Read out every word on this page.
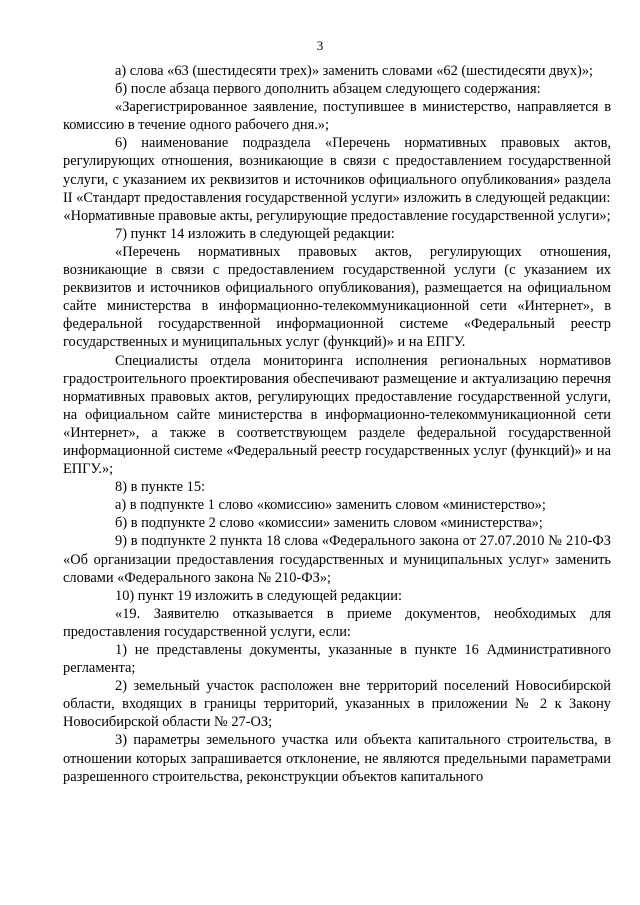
3

а) слова «63 (шестидесяти трех)» заменить словами «62 (шестидесяти двух)»;

б) после абзаца первого дополнить абзацем следующего содержания:

«Зарегистрированное заявление, поступившее в министерство, направляется в комиссию в течение одного рабочего дня.»;

6) наименование подраздела «Перечень нормативных правовых актов, регулирующих отношения, возникающие в связи с предоставлением государственной услуги, с указанием их реквизитов и источников официального опубликования» раздела II «Стандарт предоставления государственной услуги» изложить в следующей редакции:

«Нормативные правовые акты, регулирующие предоставление государственной услуги»;

7) пункт 14 изложить в следующей редакции:

«Перечень нормативных правовых актов, регулирующих отношения, возникающие в связи с предоставлением государственной услуги (с указанием их реквизитов и источников официального опубликования), размещается на официальном сайте министерства в информационно-телекоммуникационной сети «Интернет», в федеральной государственной информационной системе «Федеральный реестр государственных и муниципальных услуг (функций)» и на ЕПГУ.

Специалисты отдела мониторинга исполнения региональных нормативов градостроительного проектирования обеспечивают размещение и актуализацию перечня нормативных правовых актов, регулирующих предоставление государственной услуги, на официальном сайте министерства в информационно-телекоммуникационной сети «Интернет», а также в соответствующем разделе федеральной государственной информационной системе «Федеральный реестр государственных услуг (функций)» и на ЕПГУ.»;

8) в пункте 15:

а) в подпункте 1 слово «комиссию» заменить словом «министерство»;

б) в подпункте 2 слово «комиссии» заменить словом «министерства»;

9) в подпункте 2 пункта 18 слова «Федерального закона от 27.07.2010 № 210-ФЗ «Об организации предоставления государственных и муниципальных услуг» заменить словами «Федерального закона № 210-ФЗ»;

10) пункт 19 изложить в следующей редакции:

«19. Заявителю отказывается в приеме документов, необходимых для предоставления государственной услуги, если:

1) не представлены документы, указанные в пункте 16 Административного регламента;

2) земельный участок расположен вне территорий поселений Новосибирской области, входящих в границы территорий, указанных в приложении № 2 к Закону Новосибирской области № 27-ОЗ;

3) параметры земельного участка или объекта капитального строительства, в отношении которых запрашивается отклонение, не являются предельными параметрами разрешенного строительства, реконструкции объектов капитального
